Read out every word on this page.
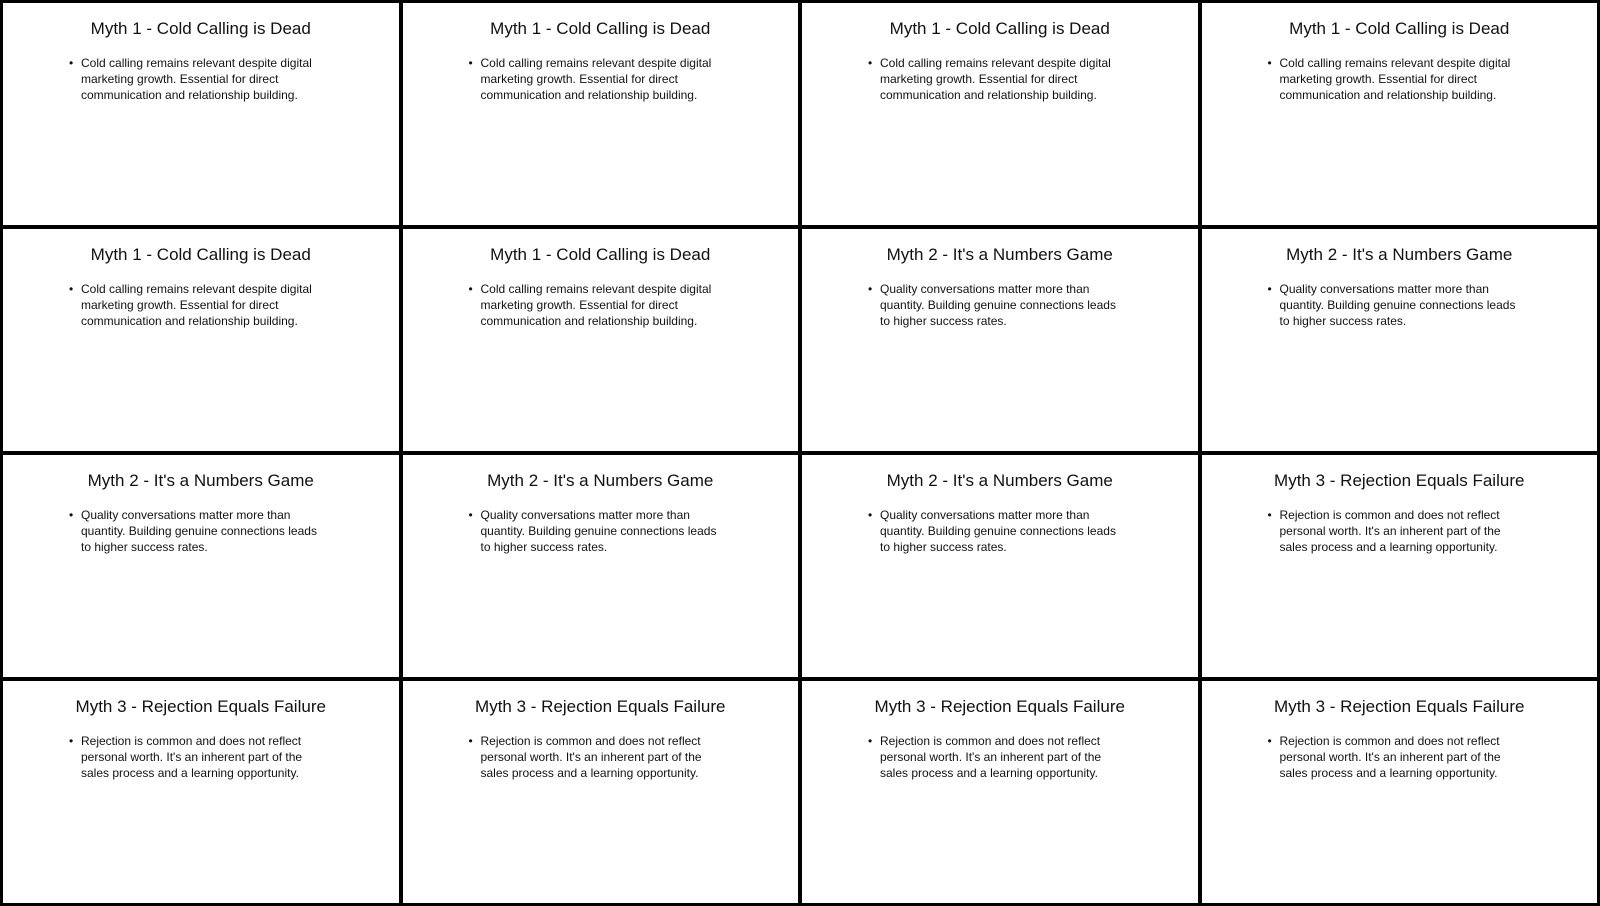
Myth 1 - Cold Calling is Dead
• Cold calling remains relevant despite digital marketing growth. Essential for direct communication and relationship building.
Myth 1 - Cold Calling is Dead
• Cold calling remains relevant despite digital marketing growth. Essential for direct communication and relationship building.
Myth 1 - Cold Calling is Dead
• Cold calling remains relevant despite digital marketing growth. Essential for direct communication and relationship building.
Myth 1 - Cold Calling is Dead
• Cold calling remains relevant despite digital marketing growth. Essential for direct communication and relationship building.
Myth 1 - Cold Calling is Dead
• Cold calling remains relevant despite digital marketing growth. Essential for direct communication and relationship building.
Myth 1 - Cold Calling is Dead
• Cold calling remains relevant despite digital marketing growth. Essential for direct communication and relationship building.
Myth 2 - It's a Numbers Game
• Quality conversations matter more than quantity. Building genuine connections leads to higher success rates.
Myth 2 - It's a Numbers Game
• Quality conversations matter more than quantity. Building genuine connections leads to higher success rates.
Myth 2 - It's a Numbers Game
• Quality conversations matter more than quantity. Building genuine connections leads to higher success rates.
Myth 2 - It's a Numbers Game
• Quality conversations matter more than quantity. Building genuine connections leads to higher success rates.
Myth 2 - It's a Numbers Game
• Quality conversations matter more than quantity. Building genuine connections leads to higher success rates.
Myth 3 - Rejection Equals Failure
• Rejection is common and does not reflect personal worth. It's an inherent part of the sales process and a learning opportunity.
Myth 3 - Rejection Equals Failure
• Rejection is common and does not reflect personal worth. It's an inherent part of the sales process and a learning opportunity.
Myth 3 - Rejection Equals Failure
• Rejection is common and does not reflect personal worth. It's an inherent part of the sales process and a learning opportunity.
Myth 3 - Rejection Equals Failure
• Rejection is common and does not reflect personal worth. It's an inherent part of the sales process and a learning opportunity.
Myth 3 - Rejection Equals Failure
• Rejection is common and does not reflect personal worth. It's an inherent part of the sales process and a learning opportunity.
